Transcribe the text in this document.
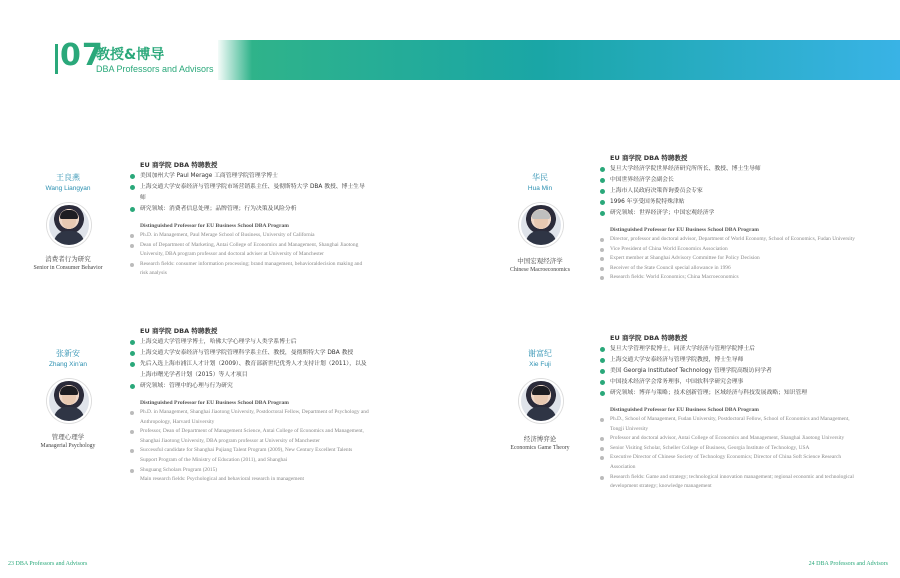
07
教授&博导
DBA Professors and Advisors
王良燕
Wang Liangyan
消费者行为研究
Senior in Consumer Behavior
EU 商学院 DBA 特聘教授
美国加州大学 Paul Merage 工商管理学院管理学博士
上海交通大学安泰经济与管理学院市场营销系主任、曼彻斯特大学 DBA 教授、博士生导师
研究领域：消费者信息处理；品牌管理；行为决策及风险分析
Distinguished Professor for EU Business School DBA Program
Ph.D. in Management, Paul Merage School of Business, University of California
Dean of Department of Marketing, Antai College of Economics and Management, Shanghai Jiaotong University, DBA program professor and doctoral adviser at University of Manchester
Research fields: consumer information processing; brand management, behavioraldecision making and risk analysis
华民
Hua Min
中国宏观经济学
Chinese Macroeconomics
EU 商学院 DBA 特聘教授
复旦大学经济学院世界经济研究所所长、教授、博士生导师
中国世界经济学会副会长
上海市人民政府决策咨询委员会专家
1996 年享受国务院特殊津贴
研究领域：世界经济学；中国宏观经济学
Distinguished Professor for EU Business School DBA Program
Director, professor and doctoral advisor, Department of World Economy, School of Economics, Fudan University
Vice President of China World Economics Association
Expert member at Shanghai Advisory Committee for Policy Decision
Receiver of the State Council special allowance in 1996
Research fields: World Economics; China Macroeconomics
张新安
Zhang Xin'an
管理心理学
Managerial Psychology
EU 商学院 DBA 特聘教授
上海交通大学管理学博士，哈佛大学心理学与人类学系博士后
上海交通大学安泰经济与管理学院管理科学系主任、教授，曼彻斯特大学 DBA 教授
先后入选上海市浦江人才计划（2009）、教育部新世纪优秀人才支持计划（2011），以及上海市曙光学者计划（2015）等人才项目
研究领域：管理中的心理与行为研究
Distinguished Professor for EU Business School DBA Program
Ph.D. in Management, Shanghai Jiaotong University, Postdoctoral Fellow, Department of Psychology and Anthropology, Harvard University
Professor, Dean of Department of Management Science, Antai College of Economics and Management, Shanghai Jiaotong University, DBA program professor at University of Manchester
Successful candidate for Shanghai Pujiang Talent Program (2009), New Century Excellent Talents Support Program of the Ministry of Education (2011), and Shanghai
Shuguang Scholars Program (2015)
Main research fields: Psychological and behavioral research in management
谢富纪
Xie Fuji
经济博弈论
Economics Game Theory
EU 商学院 DBA 特聘教授
复旦大学管理学院博士，同济大学经济与管理学院博士后
上海交通大学安泰经济与管理学院教授，博士生导师
美国 Georgia Instituteof Technology 管理学院高级访问学者
中国技术经济学会常务理事，中国软科学研究会理事
研究领域：博弈与策略；技术创新管理；区域经济与科技发展战略；知识管理
Distinguished Professor for EU Business School DBA Program
Ph.D., School of Management, Fudan University, Postdoctoral Fellow, School of Economics and Management, Tongji University
Professor and doctoral advisor, Antai College of Economics and Management, Shanghai Jiaotong University
Senior Visiting Scholar, Scheller College of Business, Georgia Institute of Technology, USA
Executive Director of Chinese Society of Technology Economics; Director of China Soft Science Research Association
Research fields: Game and strategy; technological innovation management; regional economic and technological development strategy; knowledge management
23 DBA Professors and Advisors	24 DBA Professors and Advisors
